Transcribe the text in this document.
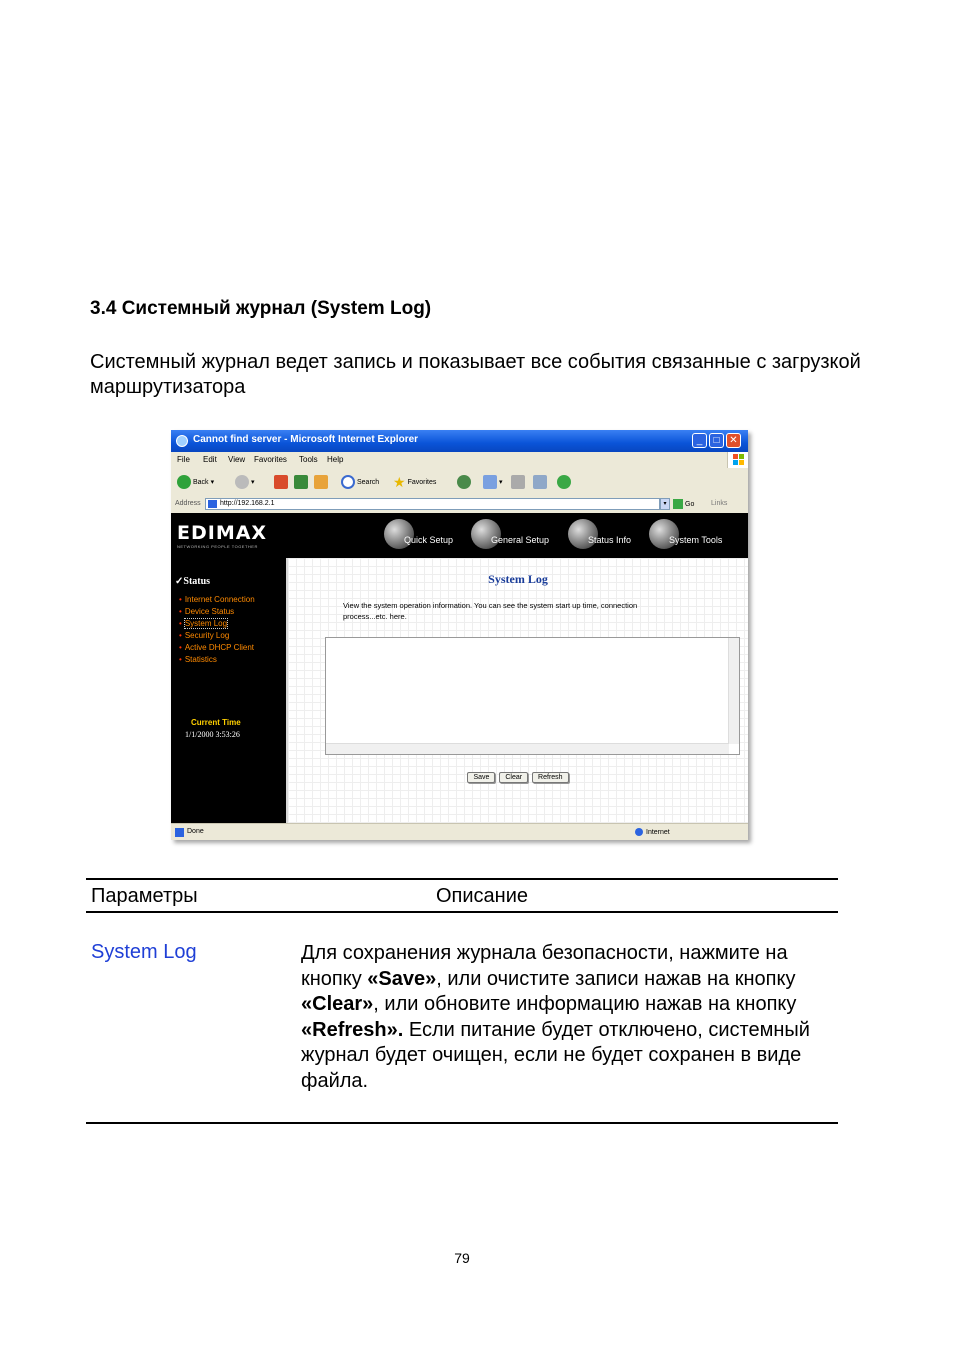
3.4 Системный журнал (System Log)
Системный журнал ведет запись и показывает все события связанные с загрузкой маршрутизатора
Cannot find server - Microsoft Internet Explorer	_	□ ✕
File Edit View Favorites Tools Help
Back ▾	▾	Search ★ Favorites	▾
Address	http://192.168.2.1	▾	Go Links
EDIMAX
NETWORKING PEOPLE TOGETHER
Quick Setup	General Setup	Status Info	System Tools
✓Status
• Internet Connection
• Device Status
• System Log
• Security Log
• Active DHCP Client
• Statistics
Current Time
1/1/2000 3:53:26
System Log
View the system operation information. You can see the system start up time, connection process...etc. here.
Save Clear Refresh
Done	Internet
Параметры	Описание
System Log	Для сохранения журнала безопасности, нажмите на кнопку «Save», или очистите записи нажав на кнопку «Clear», или обновите информацию нажав на кнопку «Refresh». Если питание будет отключено, системный журнал будет очищен, если не будет сохранен в виде файла.
79
